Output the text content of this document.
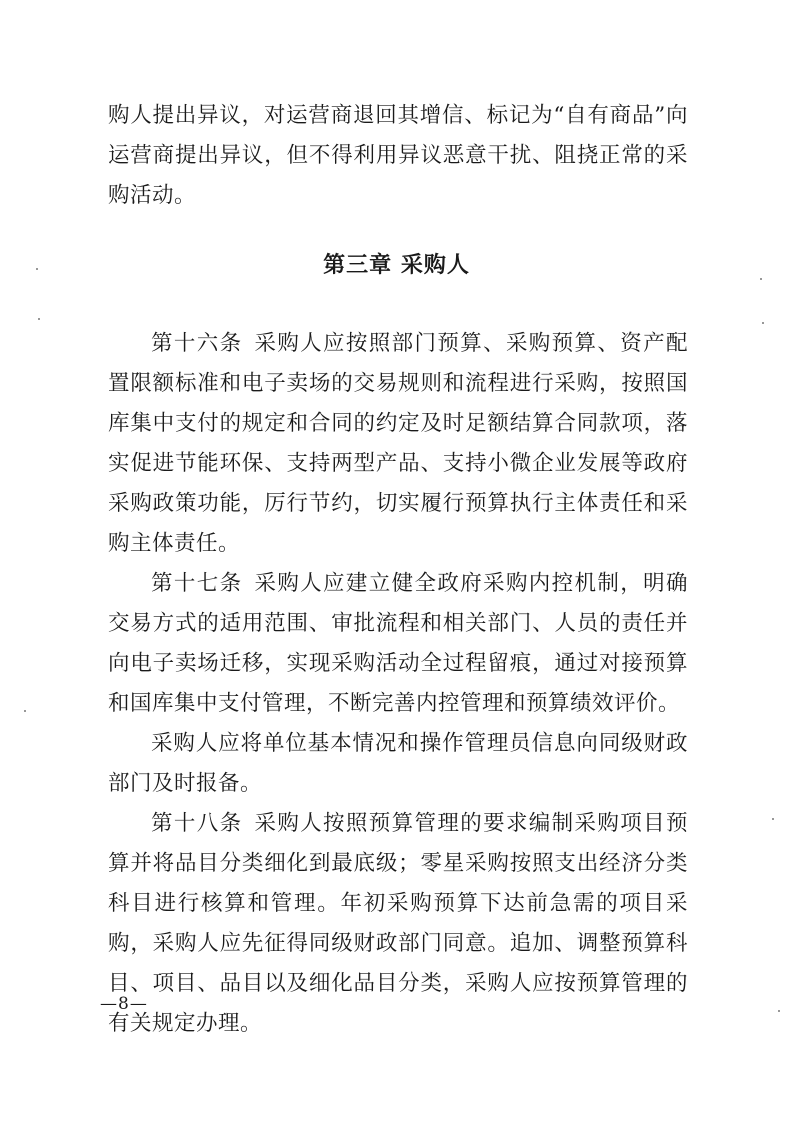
购人提出异议，对运营商退回其增信、标记为“自有商品”向运营商提出异议，但不得利用异议恶意干扰、阻挠正常的采购活动。

第三章 采购人

第十六条 采购人应按照部门预算、采购预算、资产配置限额标准和电子卖场的交易规则和流程进行采购，按照国库集中支付的规定和合同的约定及时足额结算合同款项，落实促进节能环保、支持两型产品、支持小微企业发展等政府采购政策功能，厉行节约，切实履行预算执行主体责任和采购主体责任。

第十七条 采购人应建立健全政府采购内控机制，明确交易方式的适用范围、审批流程和相关部门、人员的责任并向电子卖场迁移，实现采购活动全过程留痕，通过对接预算和国库集中支付管理，不断完善内控管理和预算绩效评价。

采购人应将单位基本情况和操作管理员信息向同级财政部门及时报备。

第十八条 采购人按照预算管理的要求编制采购项目预算并将品目分类细化到最底级；零星采购按照支出经济分类科目进行核算和管理。年初采购预算下达前急需的项目采购，采购人应先征得同级财政部门同意。追加、调整预算科目、项目、品目以及细化品目分类，采购人应按预算管理的有关规定办理。

—8—
